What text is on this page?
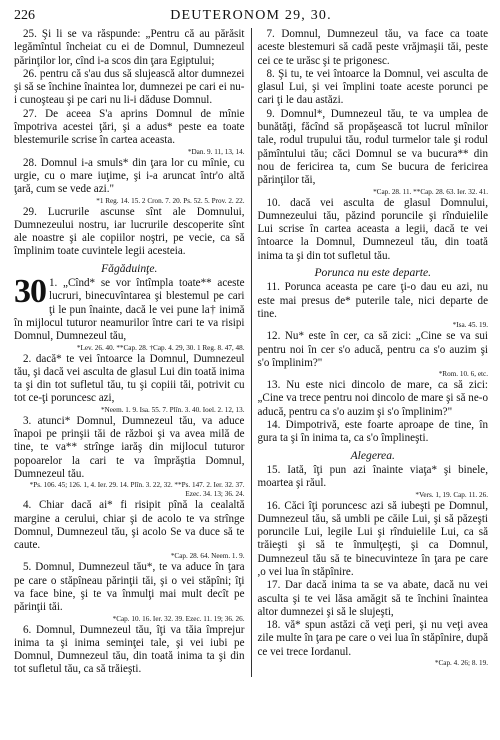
226	DEUTERONOM 29, 30.

25. Şi li se va răspunde: „Pentru că au părăsit legămîntul încheiat cu ei de Domnul, Dumnezeul părinţilor lor, cînd i-a scos din ţara Egiptului;

26. pentru că s'au dus să slujească altor dumnezei şi să se închine înaintea lor, dumnezei pe cari ei nu-i cunoşteau şi pe cari nu li-i dăduse Domnul.

27. De aceea S'a aprins Domnul de mînie împotriva acestei ţări, şi a adus* peste ea toate blestemurile scrise în cartea aceasta.

*Dan. 9. 11, 13, 14.

28. Domnul i-a smuls* din ţara lor cu mînie, cu urgie, cu o mare iuţime, şi i-a aruncat într'o altă ţară, cum se vede azi."

*1 Reg. 14. 15. 2 Cron. 7. 20. Ps. 52. 5. Prov. 2. 22.

29. Lucrurile ascunse sînt ale Domnului, Dumnezeului nostru, iar lucrurile descoperite sînt ale noastre şi ale copiilor noştri, pe vecie, ca să împlinim toate cuvintele legii acesteia.

Făgăduinţe.

30 1. „Cînd* se vor întîmpla toate** aceste lucruri, binecuvîntarea şi blestemul pe cari ţi le pun înainte, dacă le vei pune la† inimă în mijlocul tuturor neamurilor între cari te va risipi Domnul, Dumnezeul tău,

*Lev. 26. 40. **Cap. 28. †Cap. 4. 29, 30. 1 Reg. 8. 47, 48.

2. dacă* te vei întoarce la Domnul, Dumnezeul tău, şi dacă vei asculta de glasul Lui din toată inima ta şi din tot sufletul tău, tu şi copiii tăi, potrivit cu tot ce-ţi poruncesc azi,

*Neem. 1. 9. Isa. 55. 7. Plîn. 3. 40. Ioel. 2. 12, 13.

3. atunci* Domnul, Dumnezeul tău, va aduce înapoi pe prinşii tăi de război şi va avea milă de tine, te va** strînge iarăş din mijlocul tuturor popoarelor la cari te va împrăştia Domnul, Dumnezeul tău.

*Ps. 106. 45; 126. 1, 4. Ier. 29. 14. Plîn. 3. 22, 32. **Ps. 147. 2. Ier. 32. 37. Ezec. 34. 13; 36. 24.

4. Chiar dacă ai* fi risipit pînă la cealaltă margine a cerului, chiar şi de acolo te va strînge Domnul, Dumnezeul tău, şi acolo Se va duce să te caute.

*Cap. 28. 64. Neem. 1. 9.

5. Domnul, Dumnezeul tău*, te va aduce în ţara pe care o stăpîneau părinţii tăi, şi o vei stăpîni; îţi va face bine, şi te va înmulţi mai mult decît pe părinţii tăi.

*Cap. 10. 16. Ier. 32. 39. Ezec. 11. 19; 36. 26.

6. Domnul, Dumnezeul tău, îţi va tăia împrejur inima ta şi inima seminţei tale, şi vei iubi pe Domnul, Dumnezeul tău, din toată inima ta şi din tot sufletul tău, ca să trăieşti.

7. Domnul, Dumnezeul tău, va face ca toate aceste blestemuri să cadă peste vrăjmaşii tăi, peste cei ce te urăsc şi te prigonesc.

8. Şi tu, te vei întoarce la Domnul, vei asculta de glasul Lui, şi vei împlini toate aceste porunci pe cari ţi le dau astăzi.

9. Domnul*, Dumnezeul tău, te va umplea de bunătăţi, făcînd să propăşească tot lucrul mînilor tale, rodul trupului tău, rodul turmelor tale şi rodul pămîntului tău; căci Domnul se va bucura** din nou de fericirea ta, cum Se bucura de fericirea părinţilor tăi,

*Cap. 28. 11. **Cap. 28. 63. Ier. 32. 41.

10. dacă vei asculta de glasul Domnului, Dumnezeului tău, păzind poruncile şi rînduielile Lui scrise în cartea aceasta a legii, dacă te vei întoarce la Domnul, Dumnezeul tău, din toată inima ta şi din tot sufletul tău.

Porunca nu este departe.

11. Porunca aceasta pe care ţi-o dau eu azi, nu este mai presus de* puterile tale, nici departe de tine.

*Isa. 45. 19.

12. Nu* este în cer, ca să zici: „Cine se va sui pentru noi în cer s'o aducă, pentru ca s'o auzim şi s'o împlinim?"

*Rom. 10. 6, etc.

13. Nu este nici dincolo de mare, ca să zici: „Cine va trece pentru noi dincolo de mare şi să ne-o aducă, pentru ca s'o auzim şi s'o împlinim?"

14. Dimpotrivă, este foarte aproape de tine, în gura ta şi în inima ta, ca s'o împlineşti.

Alegerea.

15. Iată, îţi pun azi înainte viaţa* şi binele, moartea şi răul.

*Vers. 1, 19. Cap. 11. 26.

16. Căci îţi poruncesc azi să iubeşti pe Domnul, Dumnezeul tău, să umbli pe căile Lui, şi să păzeşti poruncile Lui, legile Lui şi rînduielile Lui, ca să trăieşti şi să te înmulţeşti, şi ca Domnul, Dumnezeul tău să te binecuvinteze în ţara pe care ,o vei lua în stăpînire.

17. Dar dacă inima ta se va abate, dacă nu vei asculta şi te vei lăsa amăgit să te închini înaintea altor dumnezei şi să le slujeşti,

18. vă* spun astăzi că veţi peri, şi nu veţi avea zile multe în ţara pe care o vei lua în stăpînire, după ce vei trece Iordanul.

*Cap. 4. 26; 8. 19.
